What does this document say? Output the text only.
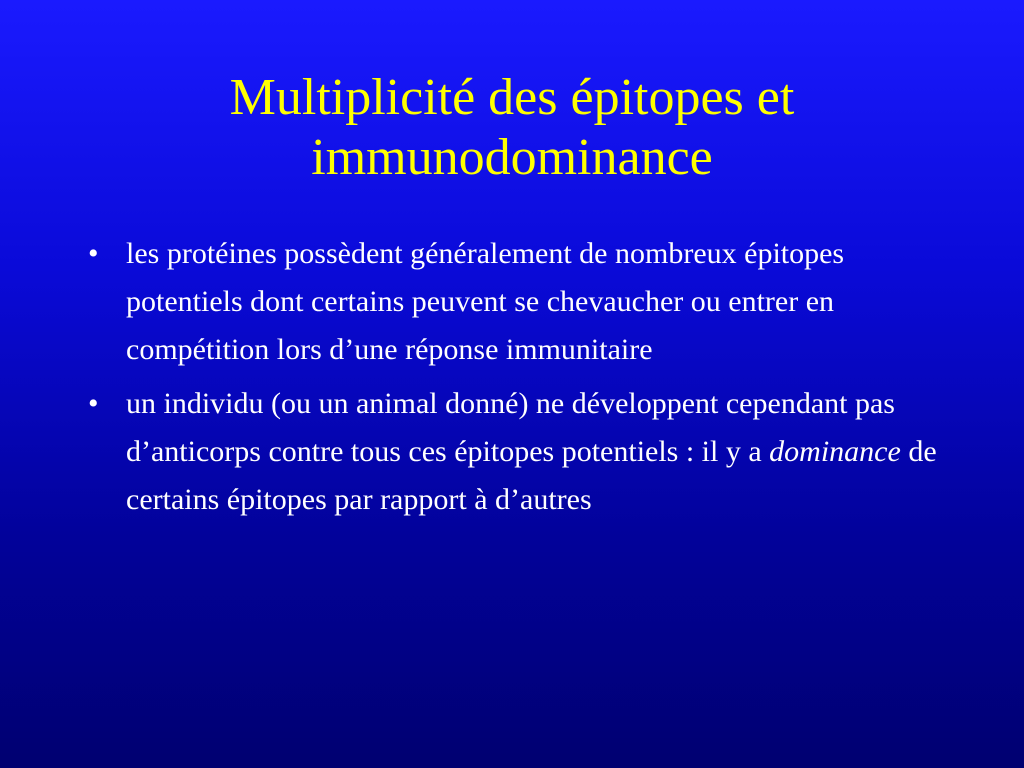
Multiplicité des épitopes et
immunodominance
• les protéines possèdent généralement de nombreux épitopes potentiels dont certains peuvent se chevaucher ou entrer en compétition lors d’une réponse immunitaire
• un individu (ou un animal donné) ne développent cependant pas d’anticorps contre tous ces épitopes potentiels : il y a dominance de certains épitopes par rapport à d’autres
